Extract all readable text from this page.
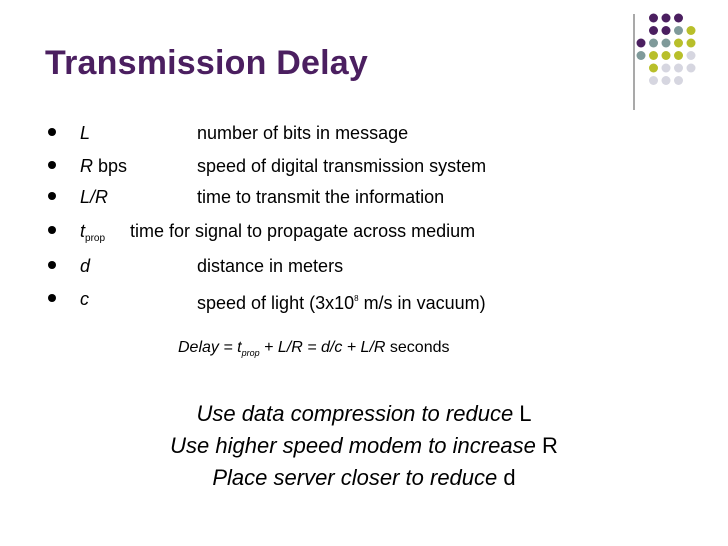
Transmission Delay
L	number of bits in message
R bps	speed of digital transmission system
L/R	time to transmit the information
$t_{prop}$ time for signal to propagate across medium
d	distance in meters
c	speed of light ($3x10^8$ m/s in vacuum)
Delay = $t_{prop} + L/R = d/c + L/R$ seconds
Use data compression to reduce L
Use higher speed modem to increase R
Place server closer to reduce d
